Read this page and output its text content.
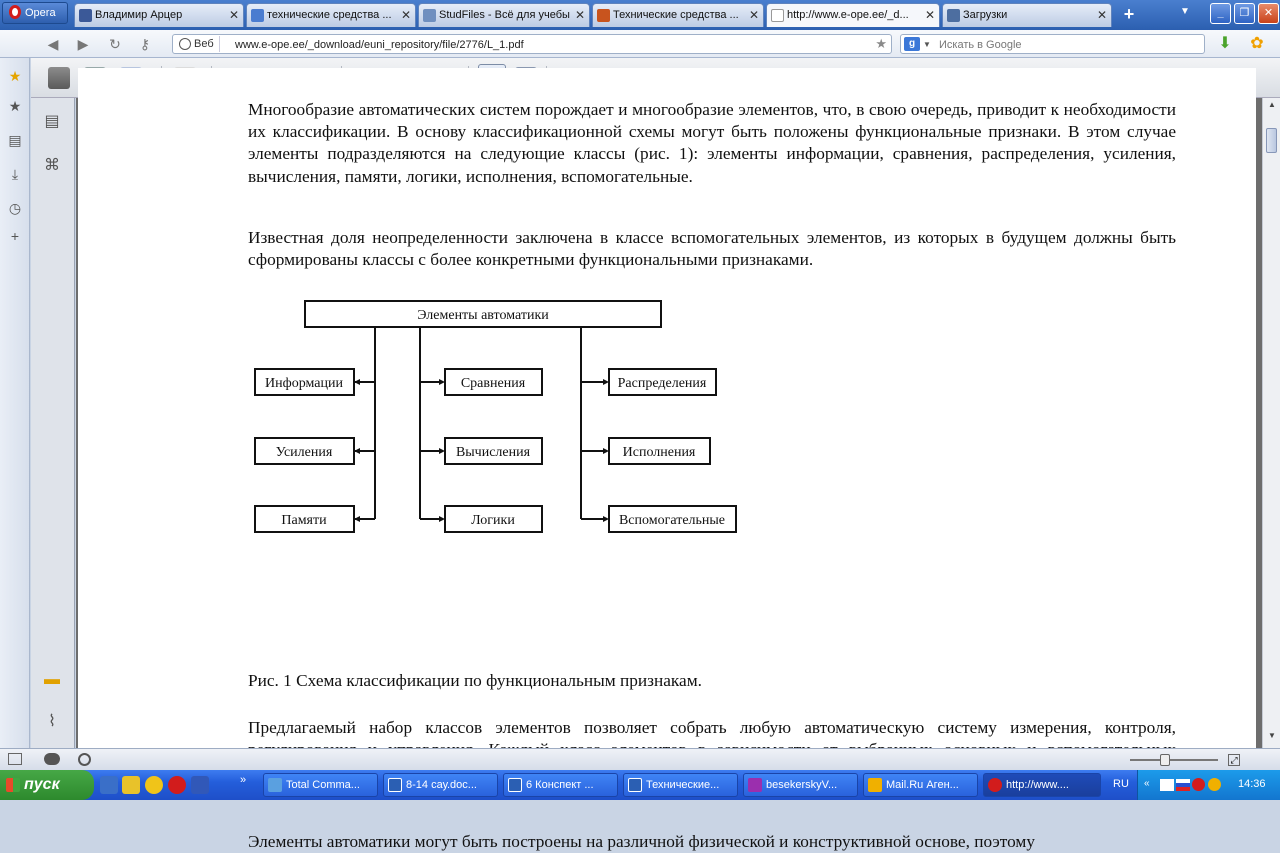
Opera	Владимир Арцер	✕	технические средства ... ✕	StudFiles - Всё для учебы ✕	Технические средства ... ✕	http://www.e-ope.ee/_d... ✕	Загрузки	✕ +	▼	_	❐	✕
◀ ▶ ↻ ⚷	Веб	www.e-ope.ee/_download/euni_repository/file/2776/L_1.pdf	★	g ▼ Искать в Google	⬇ ✿
★
★
▤
⤓
◷
+
▤
⌘
▬
⌇
Многообразие автоматических систем порождает и многообразие элементов, что, в свою очередь, приводит к необходимости их классификации. В основу классификационной схемы могут быть положены функциональные признаки. В этом случае элементы подразделяются на следующие классы (рис. 1): элементы информации, сравнения, распределения, усиления, вычисления, памяти, логики, исполнения, вспомогательные.
Известная доля неопределенности заключена в классе вспомогательных элементов, из которых в будущем должны быть сформированы классы с более конкретными функциональными признаками.
Элементы автоматики
Информации
Усиления
Памяти
Сравнения
Вычисления
Логики
Распределения
Исполнения
Вспомогательные
Рис. 1 Схема классификации по функциональным признакам.
Предлагаемый набор классов элементов позволяет собрать любую автоматическую систему измерения, контроля,
Элементы автоматики могут быть построены на различной физической и конструктивной основе, поэтому
▲
▼
⤢
пуск	»	Total Comma...	8-14 сау.doc...	6 Конспект ...	Технические...	besekerskyV...	Mail.Ru Аген...	http://www....	RU «	14:36
